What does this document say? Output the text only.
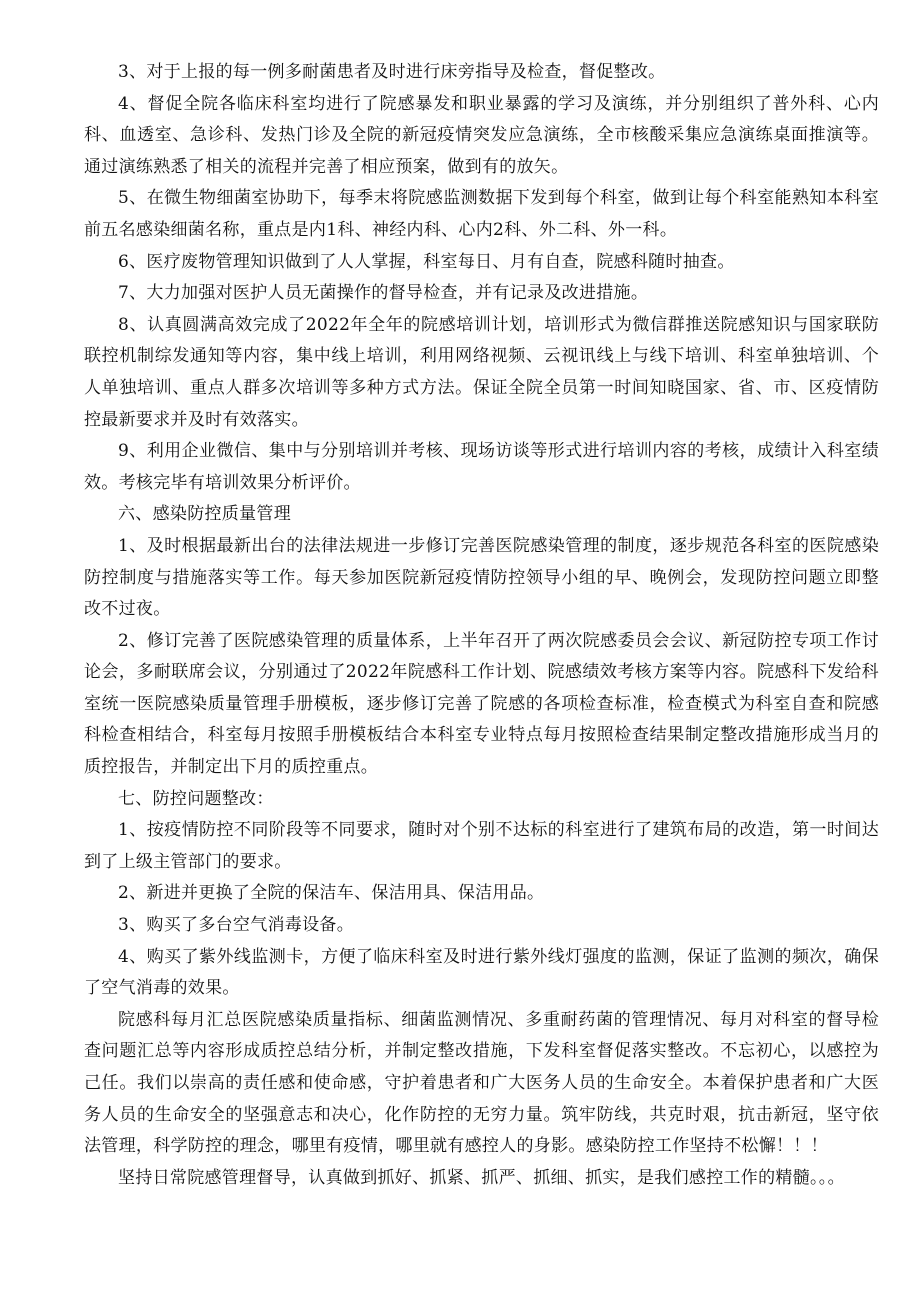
3、对于上报的每一例多耐菌患者及时进行床旁指导及检查，督促整改。

4、督促全院各临床科室均进行了院感暴发和职业暴露的学习及演练，并分别组织了普外科、心内科、血透室、急诊科、发热门诊及全院的新冠疫情突发应急演练，全市核酸采集应急演练桌面推演等。通过演练熟悉了相关的流程并完善了相应预案，做到有的放矢。

5、在微生物细菌室协助下，每季末将院感监测数据下发到每个科室，做到让每个科室能熟知本科室前五名感染细菌名称，重点是内1科、神经内科、心内2科、外二科、外一科。

6、医疗废物管理知识做到了人人掌握，科室每日、月有自查，院感科随时抽查。

7、大力加强对医护人员无菌操作的督导检查，并有记录及改进措施。

8、认真圆满高效完成了2022年全年的院感培训计划，培训形式为微信群推送院感知识与国家联防联控机制综发通知等内容，集中线上培训，利用网络视频、云视讯线上与线下培训、科室单独培训、个人单独培训、重点人群多次培训等多种方式方法。保证全院全员第一时间知晓国家、省、市、区疫情防控最新要求并及时有效落实。

9、利用企业微信、集中与分别培训并考核、现场访谈等形式进行培训内容的考核，成绩计入科室绩效。考核完毕有培训效果分析评价。

六、感染防控质量管理

1、及时根据最新出台的法律法规进一步修订完善医院感染管理的制度，逐步规范各科室的医院感染防控制度与措施落实等工作。每天参加医院新冠疫情防控领导小组的早、晚例会，发现防控问题立即整改不过夜。

2、修订完善了医院感染管理的质量体系，上半年召开了两次院感委员会会议、新冠防控专项工作讨论会，多耐联席会议，分别通过了2022年院感科工作计划、院感绩效考核方案等内容。院感科下发给科室统一医院感染质量管理手册模板，逐步修订完善了院感的各项检查标准，检查模式为科室自查和院感科检查相结合，科室每月按照手册模板结合本科室专业特点每月按照检查结果制定整改措施形成当月的质控报告，并制定出下月的质控重点。

七、防控问题整改：

1、按疫情防控不同阶段等不同要求，随时对个别不达标的科室进行了建筑布局的改造，第一时间达到了上级主管部门的要求。

2、新进并更换了全院的保洁车、保洁用具、保洁用品。

3、购买了多台空气消毒设备。

4、购买了紫外线监测卡，方便了临床科室及时进行紫外线灯强度的监测，保证了监测的频次，确保了空气消毒的效果。

院感科每月汇总医院感染质量指标、细菌监测情况、多重耐药菌的管理情况、每月对科室的督导检查问题汇总等内容形成质控总结分析，并制定整改措施，下发科室督促落实整改。不忘初心，以感控为己任。我们以崇高的责任感和使命感，守护着患者和广大医务人员的生命安全。本着保护患者和广大医务人员的生命安全的坚强意志和决心，化作防控的无穷力量。筑牢防线，共克时艰，抗击新冠，坚守依法管理，科学防控的理念，哪里有疫情，哪里就有感控人的身影。感染防控工作坚持不松懈！！！

坚持日常院感管理督导，认真做到抓好、抓紧、抓严、抓细、抓实，是我们感控工作的精髓。。。
